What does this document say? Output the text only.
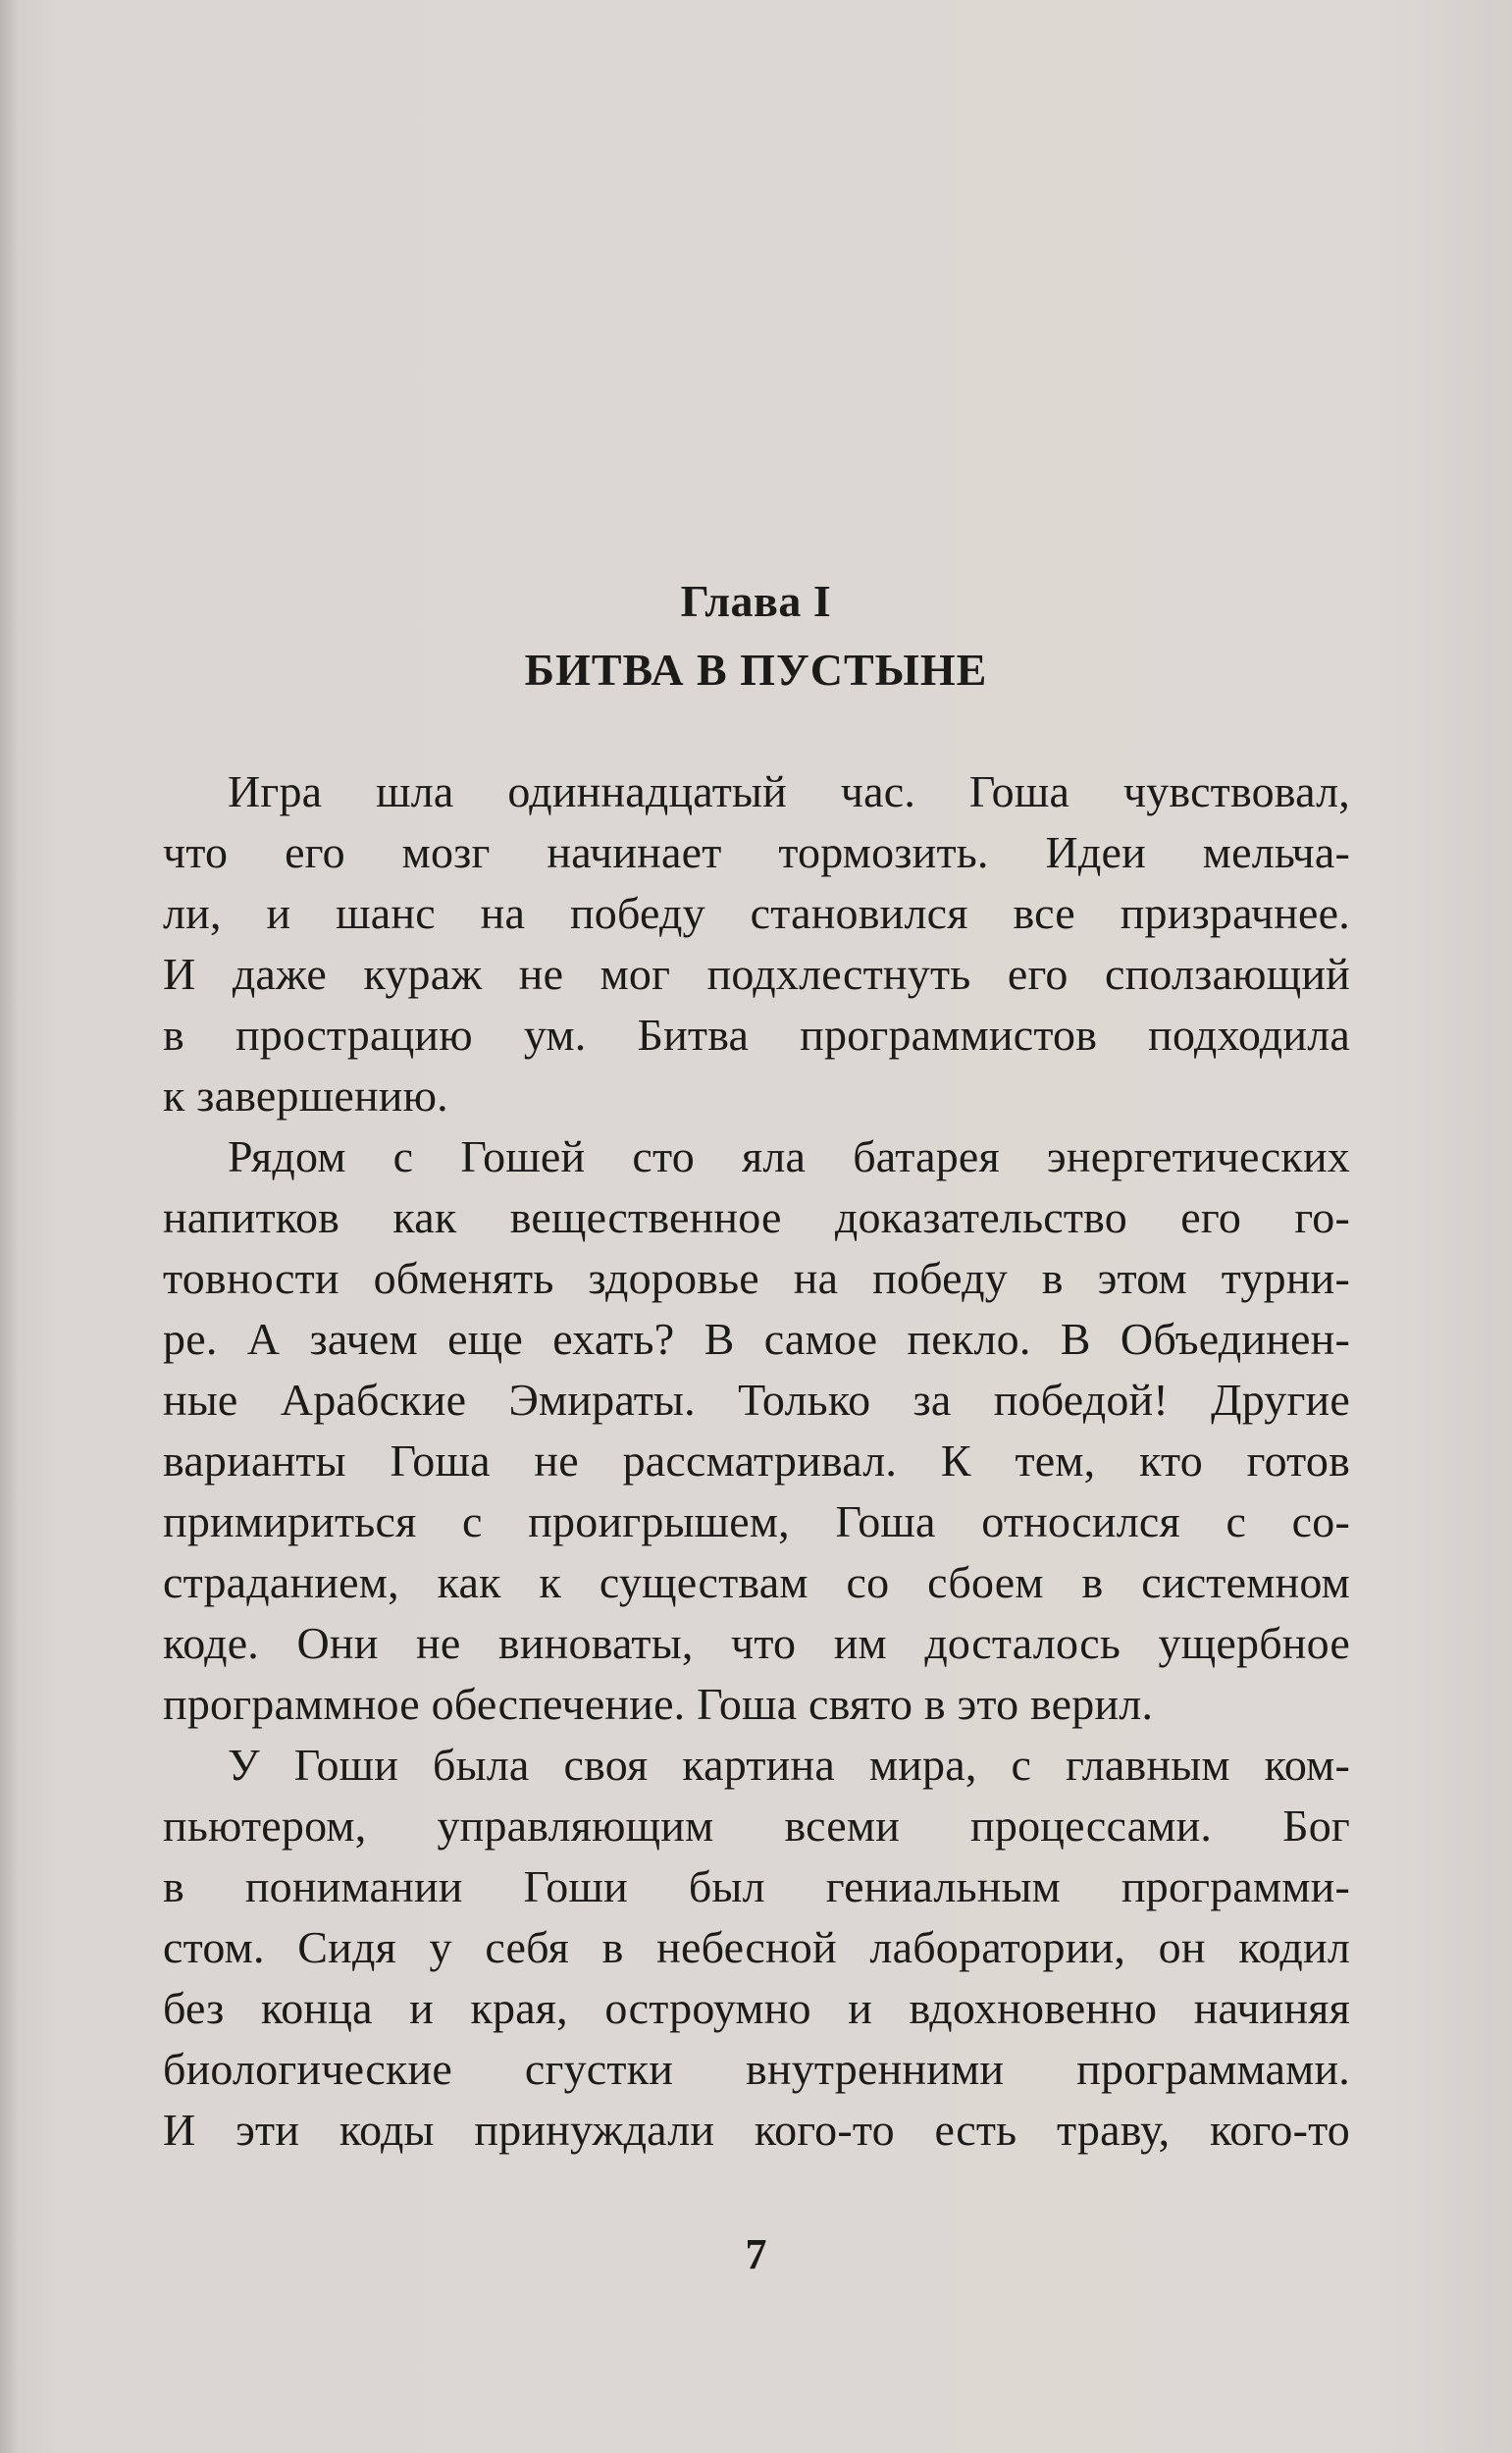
Глава I
БИТВА В ПУСТЫНЕ
Игра шла одиннадцатый час. Гоша чувствовал,
что его мозг начинает тормозить. Идеи мельча-
ли, и шанс на победу становился все призрачнее.
И даже кураж не мог подхлестнуть его сползающий
в прострацию ум. Битва программистов подходила
к завершению.
Рядом с Гошей сто яла батарея энергетических
напитков как вещественное доказательство его го-
товности обменять здоровье на победу в этом турни-
ре. А зачем еще ехать? В самое пекло. В Объединен-
ные Арабские Эмираты. Только за победой! Другие
варианты Гоша не рассматривал. К тем, кто готов
примириться с проигрышем, Гоша относился с со-
страданием, как к существам со сбоем в системном
коде. Они не виноваты, что им досталось ущербное
программное обеспечение. Гоша свято в это верил.
У Гоши была своя картина мира, с главным ком-
пьютером, управляющим всеми процессами. Бог
в понимании Гоши был гениальным программи-
стом. Сидя у себя в небесной лаборатории, он кодил
без конца и края, остроумно и вдохновенно начиняя
биологические сгустки внутренними программами.
И эти коды принуждали кого-то есть траву, кого-то
7
